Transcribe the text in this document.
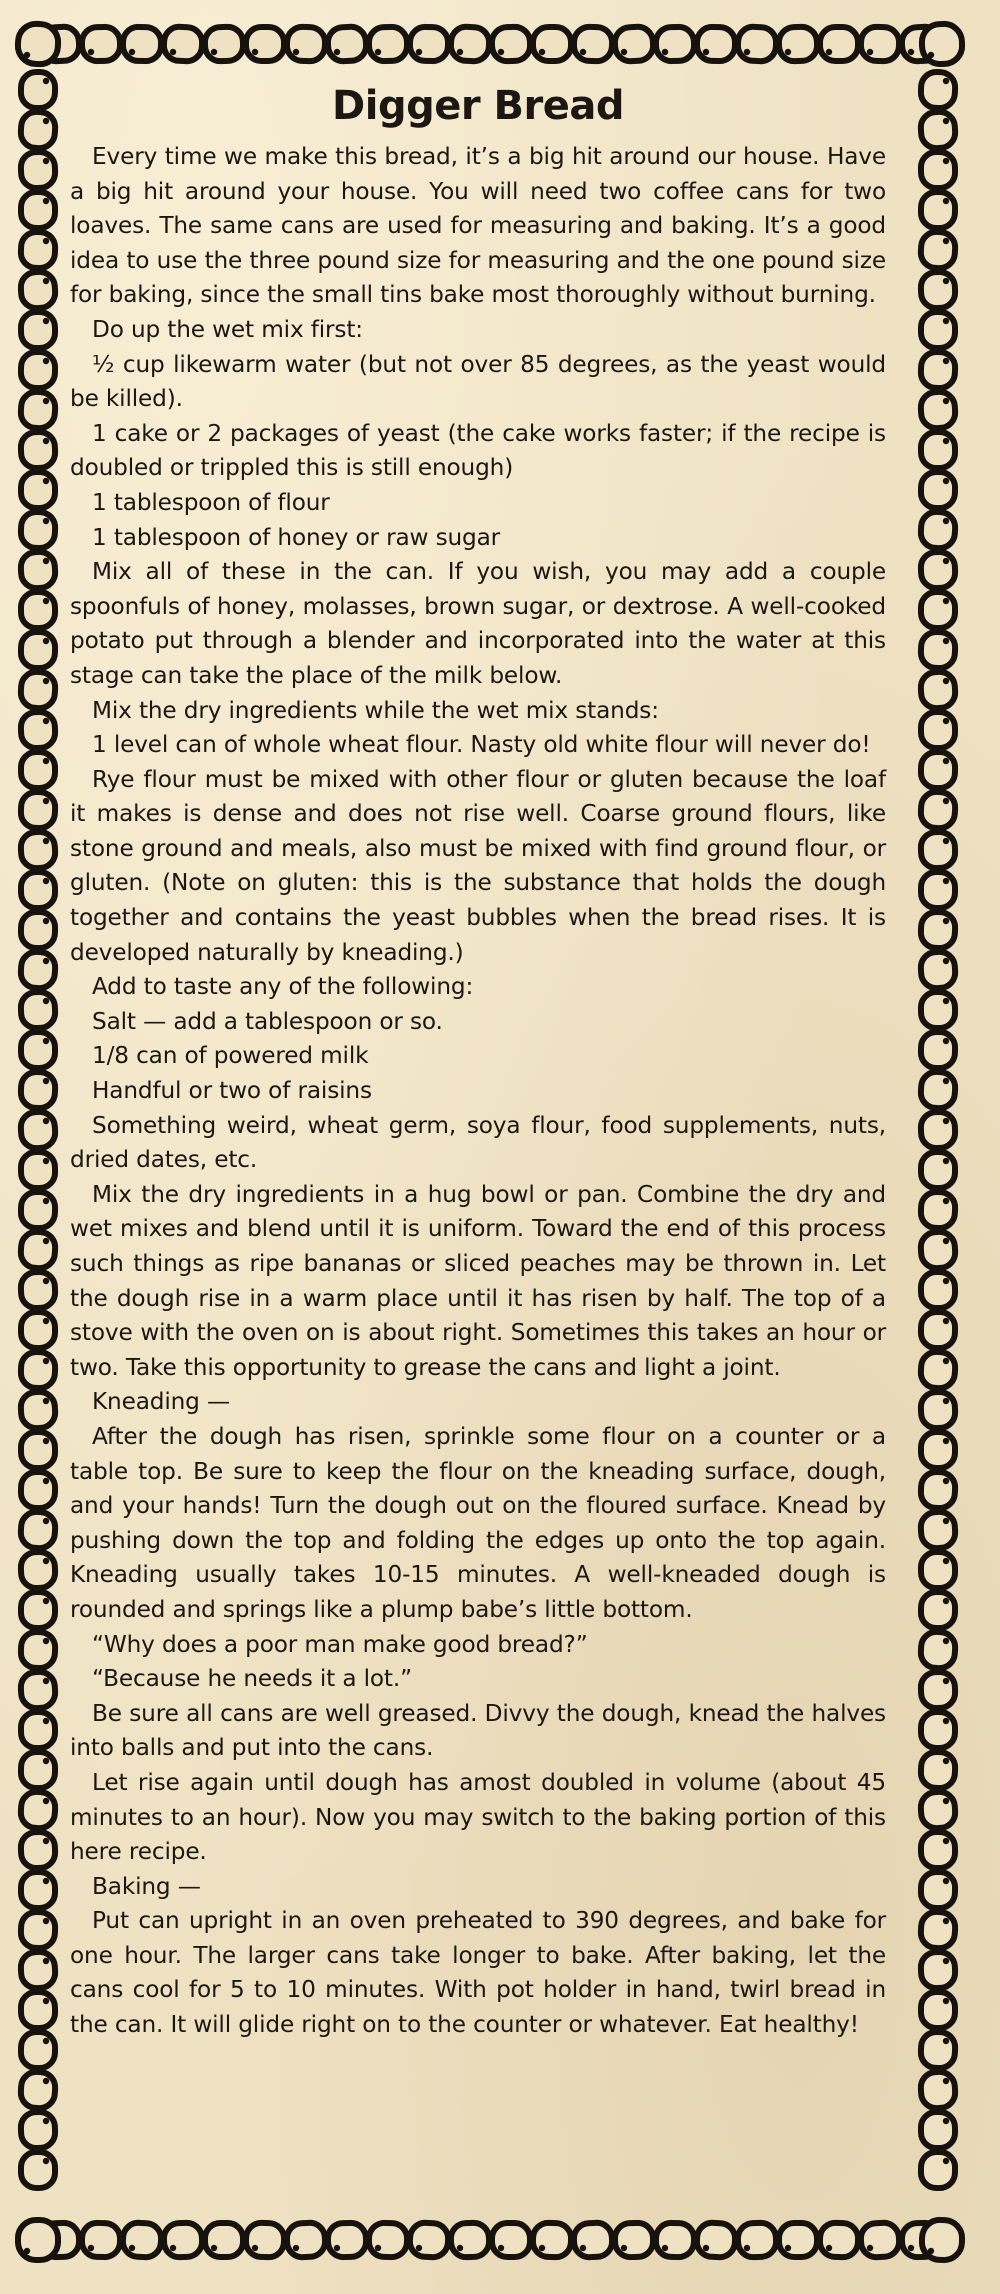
Digger Bread

Every time we make this bread, it’s a big hit around our house. Have a big hit around your house. You will need two coffee cans for two loaves. The same cans are used for measuring and baking. It’s a good idea to use the three pound size for measuring and the one pound size for baking, since the small tins bake most thoroughly without burning.

Do up the wet mix first:

½ cup likewarm water (but not over 85 degrees, as the yeast would be killed).

1 cake or 2 packages of yeast (the cake works faster; if the recipe is doubled or trippled this is still enough)

1 tablespoon of flour

1 tablespoon of honey or raw sugar

Mix all of these in the can. If you wish, you may add a couple spoonfuls of honey, molasses, brown sugar, or dextrose. A well-cooked potato put through a blender and incorporated into the water at this stage can take the place of the milk below.

Mix the dry ingredients while the wet mix stands:

1 level can of whole wheat flour. Nasty old white flour will never do!

Rye flour must be mixed with other flour or gluten because the loaf it makes is dense and does not rise well. Coarse ground flours, like stone ground and meals, also must be mixed with find ground flour, or gluten. (Note on gluten: this is the substance that holds the dough together and contains the yeast bubbles when the bread rises. It is developed naturally by kneading.)

Add to taste any of the following:

Salt — add a tablespoon or so.

1/8 can of powered milk

Handful or two of raisins

Something weird, wheat germ, soya flour, food supplements, nuts, dried dates, etc.

Mix the dry ingredients in a hug bowl or pan. Combine the dry and wet mixes and blend until it is uniform. Toward the end of this process such things as ripe bananas or sliced peaches may be thrown in. Let the dough rise in a warm place until it has risen by half. The top of a stove with the oven on is about right. Sometimes this takes an hour or two. Take this opportunity to grease the cans and light a joint.

Kneading —

After the dough has risen, sprinkle some flour on a counter or a table top. Be sure to keep the flour on the kneading surface, dough, and your hands! Turn the dough out on the floured surface. Knead by pushing down the top and folding the edges up onto the top again. Kneading usually takes 10-15 minutes. A well-kneaded dough is rounded and springs like a plump babe’s little bottom.

“Why does a poor man make good bread?”

“Because he needs it a lot.”

Be sure all cans are well greased. Divvy the dough, knead the halves into balls and put into the cans.

Let rise again until dough has amost doubled in volume (about 45 minutes to an hour). Now you may switch to the baking portion of this here recipe.

Baking —

Put can upright in an oven preheated to 390 degrees, and bake for one hour. The larger cans take longer to bake. After baking, let the cans cool for 5 to 10 minutes. With pot holder in hand, twirl bread in the can. It will glide right on to the counter or whatever. Eat healthy!
